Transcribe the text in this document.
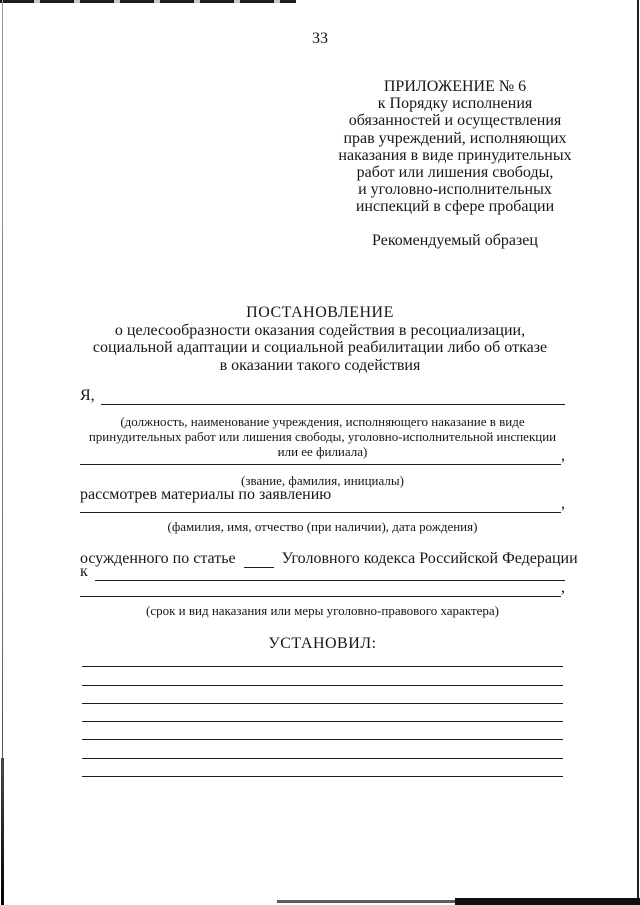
33
ПРИЛОЖЕНИЕ № 6
к Порядку исполнения
обязанностей и осуществления
прав учреждений, исполняющих
наказания в виде принудительных
работ или лишения свободы,
и уголовно-исполнительных
инспекций в сфере пробации
Рекомендуемый образец
ПОСТАНОВЛЕНИЕ
о целесообразности оказания содействия в ресоциализации,
социальной адаптации и социальной реабилитации либо об отказе
в оказании такого содействия
Я,
(должность, наименование учреждения, исполняющего наказание в виде
принудительных работ или лишения свободы, уголовно-исполнительной инспекции
или ее филиала)	,
(звание, фамилия, инициалы)
рассмотрев материалы по заявлению
,
(фамилия, имя, отчество (при наличии), дата рождения)
осужденного по статье	Уголовного кодекса Российской Федерации
к
,
(срок и вид наказания или меры уголовно-правового характера)
УСТАНОВИЛ:
